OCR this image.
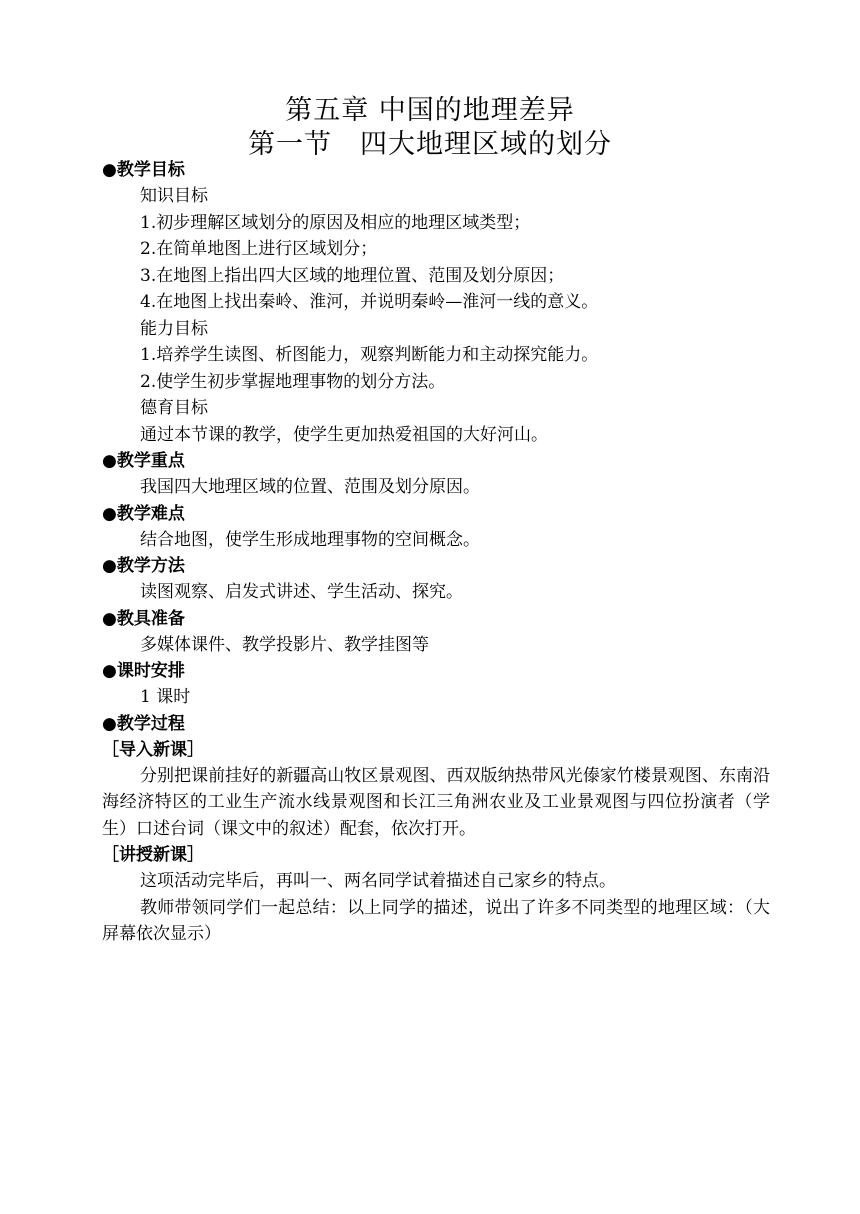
第五章 中国的地理差异
第一节　四大地理区域的划分
●教学目标
知识目标
1.初步理解区域划分的原因及相应的地理区域类型；
2.在简单地图上进行区域划分；
3.在地图上指出四大区域的地理位置、范围及划分原因；
4.在地图上找出秦岭、淮河，并说明秦岭—淮河一线的意义。
能力目标
1.培养学生读图、析图能力，观察判断能力和主动探究能力。
2.使学生初步掌握地理事物的划分方法。
德育目标
通过本节课的教学，使学生更加热爱祖国的大好河山。
●教学重点
我国四大地理区域的位置、范围及划分原因。
●教学难点
结合地图，使学生形成地理事物的空间概念。
●教学方法
读图观察、启发式讲述、学生活动、探究。
●教具准备
多媒体课件、教学投影片、教学挂图等
●课时安排
1 课时
●教学过程
［导入新课］
分别把课前挂好的新疆高山牧区景观图、西双版纳热带风光傣家竹楼景观图、东南沿海经济特区的工业生产流水线景观图和长江三角洲农业及工业景观图与四位扮演者（学生）口述台词（课文中的叙述）配套，依次打开。
［讲授新课］
这项活动完毕后，再叫一、两名同学试着描述自己家乡的特点。
教师带领同学们一起总结：以上同学的描述，说出了许多不同类型的地理区域：（大屏幕依次显示）
